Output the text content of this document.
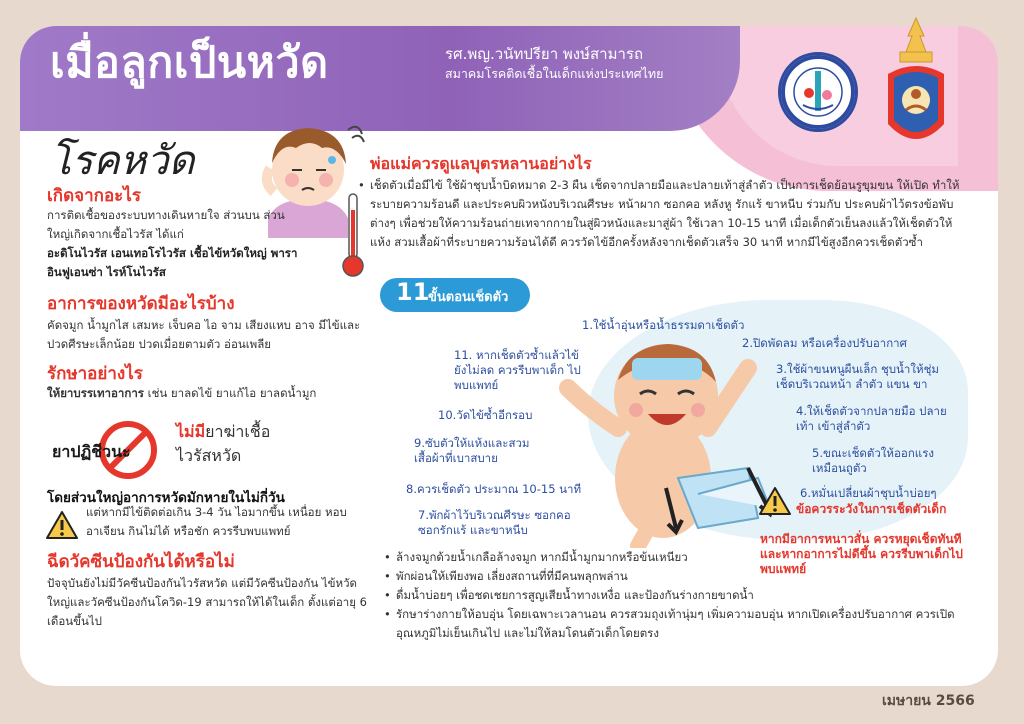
เมื่อลูกเป็นหวัด	รศ.พญ.วนัทปรียา พงษ์สามารถ
สมาคมโรคติดเชื้อในเด็กแห่งประเทศไทย
โรคหวัด
เกิดจากอะไร
การติดเชื้อของระบบทางเดินหายใจ ส่วนบน ส่วนใหญ่เกิดจากเชื้อไวรัส ได้แก่
อะดิโนไวรัส เอนเทอโรไวรัส เชื้อไข้หวัดใหญ่ พาราอินฟูเอนซ่า ไรห์โนไวรัส
อาการของหวัดมีอะไรบ้าง
คัดจมูก น้ำมูกไส เสมหะ เจ็บคอ ไอ จาม เสียงแหบ อาจ มีไข้และปวดศีรษะเล็กน้อย ปวดเมื่อยตามตัว อ่อนเพลีย
รักษาอย่างไร
ให้ยาบรรเทาอาการ เช่น ยาลดไข้ ยาแก้ไอ ยาลดน้ำมูก
ยาปฏิชีวนะ
ไม่มียาฆ่าเชื้อ
ไวรัสหวัด
โดยส่วนใหญ่อาการหวัดมักหายในไม่กี่วัน
แต่หากมีไข้ติดต่อเกิน 3-4 วัน ไอมากขึ้น เหนื่อย หอบ อาเจียน กินไม่ได้ หรือชัก ควรรีบพบแพทย์
ฉีดวัคซีนป้องกันได้หรือไม่
ปัจจุบันยังไม่มีวัคซีนป้องกันไวรัสหวัด แต่มีวัคซีนป้องกัน ไข้หวัดใหญ่และวัคซีนป้องกันโควิด-19 สามารถให้ได้ในเด็ก ตั้งแต่อายุ 6 เดือนขึ้นไป
พ่อแม่ควรดูแลบุตรหลานอย่างไร
• เช็ดตัวเมื่อมีไข้ ใช้ผ้าชุบน้ำบิดหมาด 2-3 ผืน เช็ดจากปลายมือและปลายเท้าสู่ลำตัว เป็นการเช็ดย้อนรูขุมขน ให้เปิด ทำให้ระบายความร้อนดี และประคบผิวหนังบริเวณศีรษะ หน้าผาก ซอกคอ หลังหู รักแร้ ขาหนีบ ร่วมกับ ประคบผ้าไว้ตรงข้อพับต่างๆ เพื่อช่วยให้ความร้อนถ่ายเทจากกายในสู่ผิวหนังและมาสู่ผ้า ใช้เวลา 10-15 นาที เมื่อเด็กตัวเย็นลงแล้วให้เช็ดตัวให้แห้ง สวมเสื้อผ้าที่ระบายความร้อนได้ดี ควรวัดไข้อีกครั้งหลังจากเช็ดตัวเสร็จ 30 นาที หากมีไข้สูงอีกควรเช็ดตัวซ้ำ
11
ขั้นตอนเช็ดตัว
1.ใช้น้ำอุ่นหรือน้ำธรรมดาเช็ดตัว
2.ปิดพัดลม หรือเครื่องปรับอากาศ
3.ใช้ผ้าขนหนูผืนเล็ก ชุบน้ำให้ชุ่ม เช็ดบริเวณหน้า ลำตัว แขน ขา
4.ให้เช็ดตัวจากปลายมือ ปลายเท้า เข้าสู่ลำตัว
5.ขณะเช็ดตัวให้ออกแรง เหมือนถูตัว
6.หมั่นเปลี่ยนผ้าชุบน้ำบ่อยๆ
7.พักผ้าไว้บริเวณศีรษะ ซอกคอ ซอกรักแร้ และขาหนีบ
8.ควรเช็ดตัว ประมาณ 10-15 นาที
9.ซับตัวให้แห้งและสวม เสื้อผ้าที่เบาสบาย
10.วัดไข้ซ้ำอีกรอบ
11. หากเช็ดตัวซ้ำแล้วไข้ ยังไม่ลด ควรรีบพาเด็ก ไปพบแพทย์
ข้อควรระวังในการเช็ดตัวเด็ก
หากมีอาการหนาวสั่น ควรหยุดเช็ดทันที และหากอาการไม่ดีขึ้น ควรรีบพาเด็กไป พบแพทย์
• ล้างจมูกด้วยน้ำเกลือล้างจมูก หากมีน้ำมูกมากหรือข้นเหนียว
• พักผ่อนให้เพียงพอ เลี่ยงสถานที่ที่มีคนพลุกพล่าน
• ดื่มน้ำบ่อยๆ เพื่อชดเชยการสูญเสียน้ำทางเหงื่อ และป้องกันร่างกายขาดน้ำ
• รักษาร่างกายให้อบอุ่น โดยเฉพาะเวลานอน ควรสวมถุงเท้านุ่มๆ เพิ่มความอบอุ่น หากเปิดเครื่องปรับอากาศ ควรเปิดอุณหภูมิไม่เย็นเกินไป และไม่ให้ลมโดนตัวเด็กโดยตรง
เมษายน 2566
